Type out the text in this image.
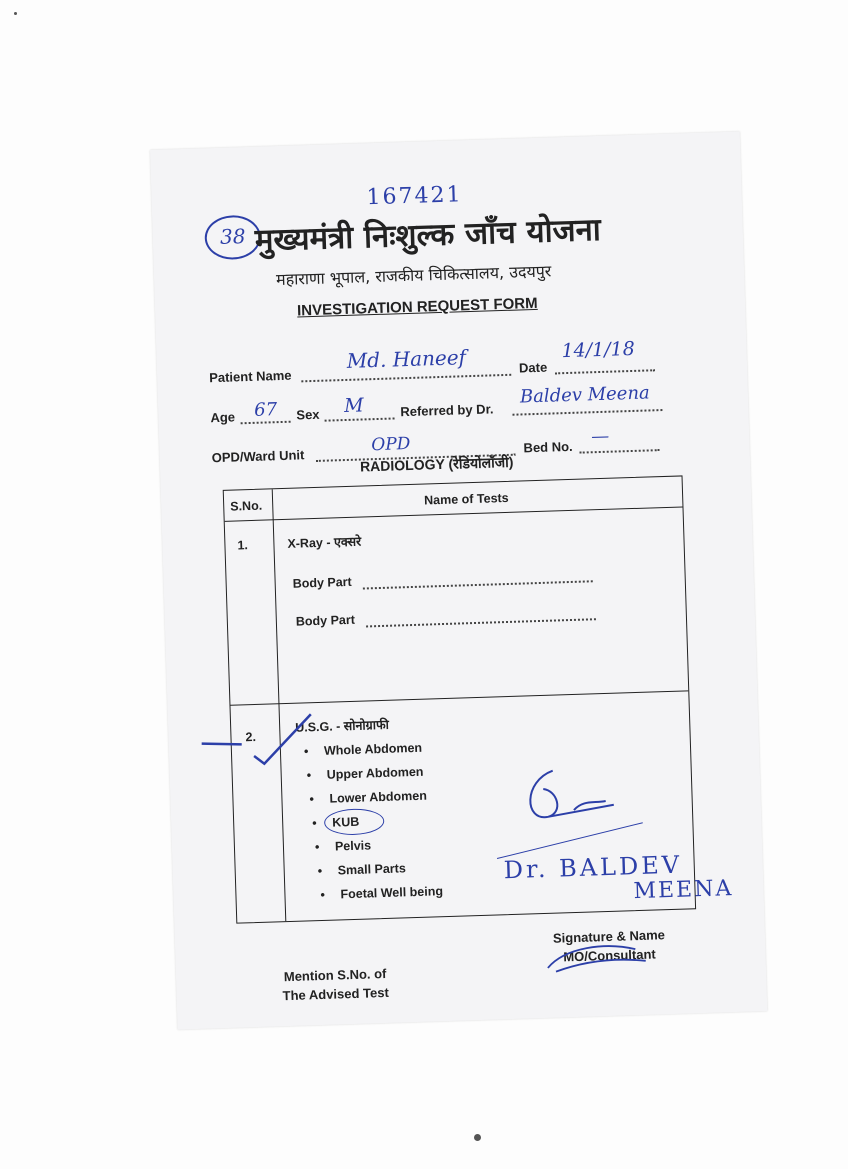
167421
38 मुख्यमंत्री निःशुल्क जाँच योजना
महाराणा भूपाल, राजकीय चिकित्सालय, उदयपुर
INVESTIGATION REQUEST FORM
Patient Name
Md. Haneef	Date
14/1/18
Age 67 Sex M	Referred by Dr.
Baldev Meena
OPD/Ward Unit
OPD	Bed No. —
RADIOLOGY (रेडियोलॉजी)
S.No.	Name of Tests
1.	X-Ray - एक्सरे
Body Part
Body Part
2.
U.S.G. - सोनोग्राफी
• Whole Abdomen
• Upper Abdomen
• Lower Abdomen
• KUB
• Pelvis
• Small Parts
• Foetal Well being
Dr. BALDEV
MEENA
Mention S.No. of
The Advised Test
Signature & Name
MO/Consultant
